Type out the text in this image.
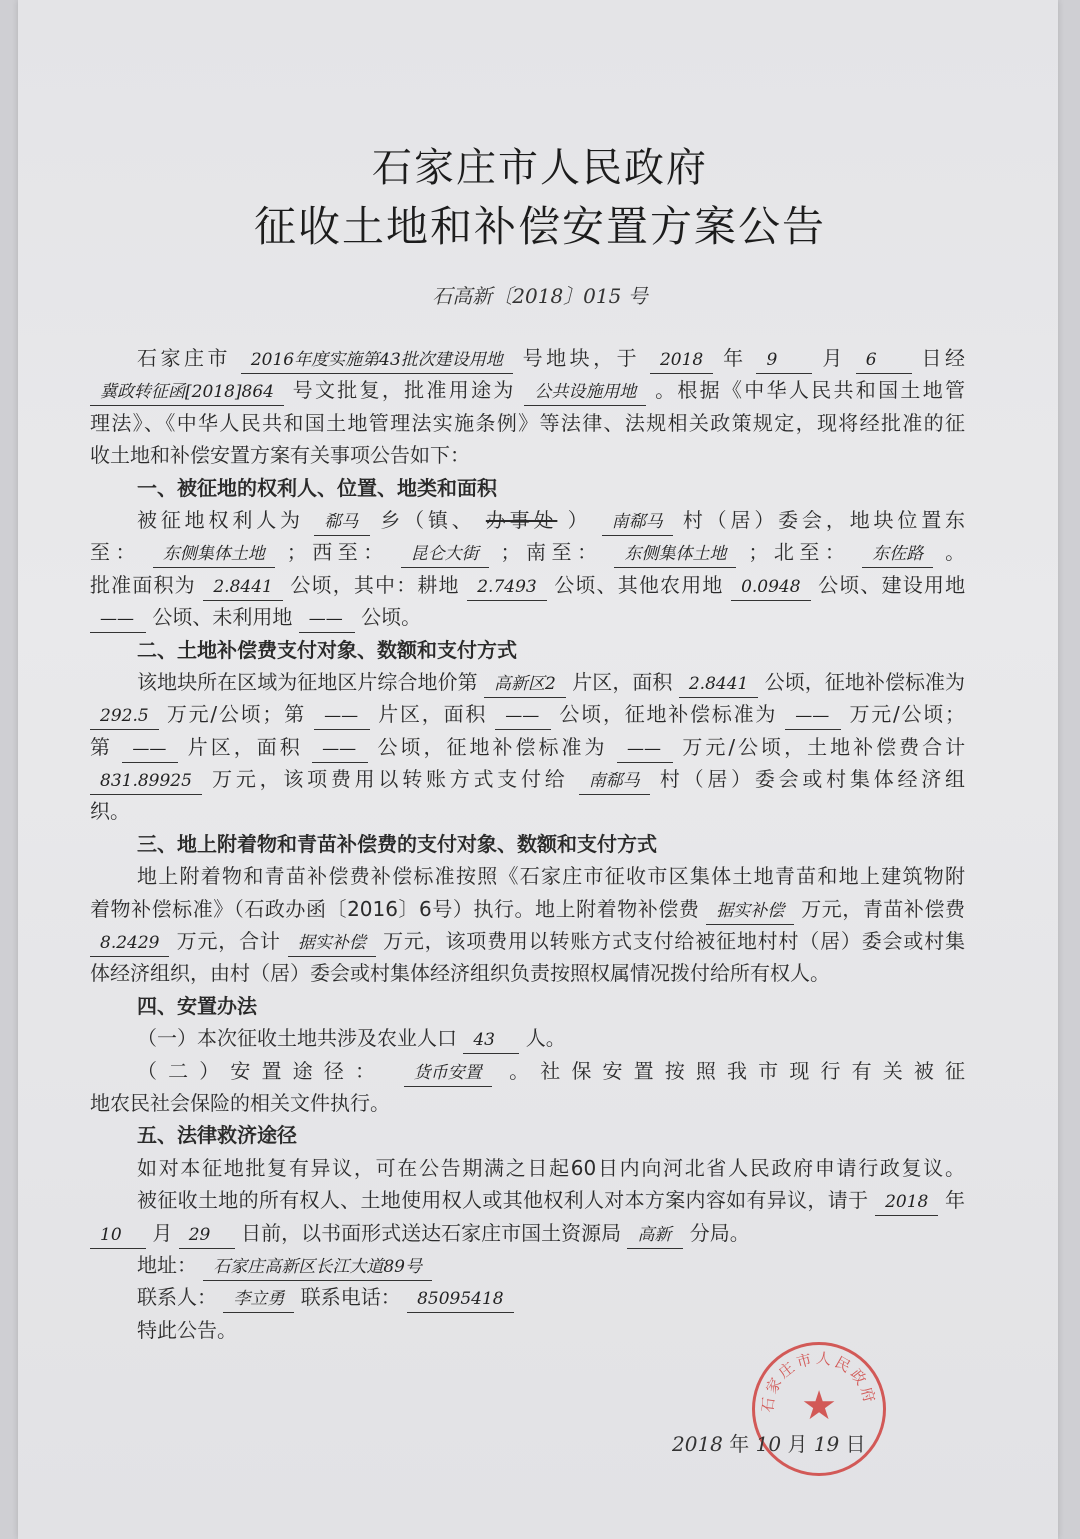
石家庄市人民政府
征收土地和补偿安置方案公告
石高新〔2018〕015 号
石家庄市 2016年度实施第43批次建设用地 号地块，于 2018 年 9 月 6 日经
冀政转征函[2018]864 号文批复，批准用途为 公共设施用地 。根据《中华人民共和国土地管
理法》、《中华人民共和国土地管理法实施条例》等法律、法规相关政策规定，现将经批准的征
收土地和补偿安置方案有关事项公告如下：
一、被征地的权利人、位置、地类和面积
被征地权利人为 郗马 乡（镇、 办事处 ） 南郗马 村（居）委会，地块位置东
至： 东侧集体土地 ；西至： 昆仑大街 ；南至： 东侧集体土地 ；北至： 东佐路 。
批准面积为 2.8441 公顷，其中：耕地 2.7493 公顷、其他农用地 0.0948 公顷、建设用地
—— 公顷、未利用地 —— 公顷。
二、土地补偿费支付对象、数额和支付方式
该地块所在区域为征地区片综合地价第 高新区2 片区，面积 2.8441 公顷，征地补偿标准为
292.5 万元/公顷；第 —— 片区，面积 —— 公顷，征地补偿标准为 —— 万元/公顷；
第 —— 片区，面积 —— 公顷，征地补偿标准为 —— 万元/公顷，土地补偿费合计
831.89925 万元，该项费用以转账方式支付给 南郗马 村（居）委会或村集体经济组
织。
三、地上附着物和青苗补偿费的支付对象、数额和支付方式
地上附着物和青苗补偿费补偿标准按照《石家庄市征收市区集体土地青苗和地上建筑物附
着物补偿标准》（石政办函〔2016〕6号）执行。地上附着物补偿费 据实补偿 万元，青苗补偿费
8.2429 万元，合计 据实补偿 万元，该项费用以转账方式支付给被征地村村（居）委会或村集
体经济组织，由村（居）委会或村集体经济组织负责按照权属情况拨付给所有权人。
四、安置办法
（一）本次征收土地共涉及农业人口 43 人。
（二）安置途径： 货币安置 。社保安置按照我市现行有关被征
地农民社会保险的相关文件执行。
五、法律救济途径
如对本征地批复有异议，可在公告期满之日起60日内向河北省人民政府申请行政复议。
被征收土地的所有权人、土地使用权人或其他权利人对本方案内容如有异议，请于 2018 年
10 月 29 日前，以书面形式送达石家庄市国土资源局 高新 分局。
地址： 石家庄高新区长江大道89号
联系人： 李立勇 联系电话： 85095418
特此公告。
石家庄市人民政府
★
2018 年 10 月 19 日
